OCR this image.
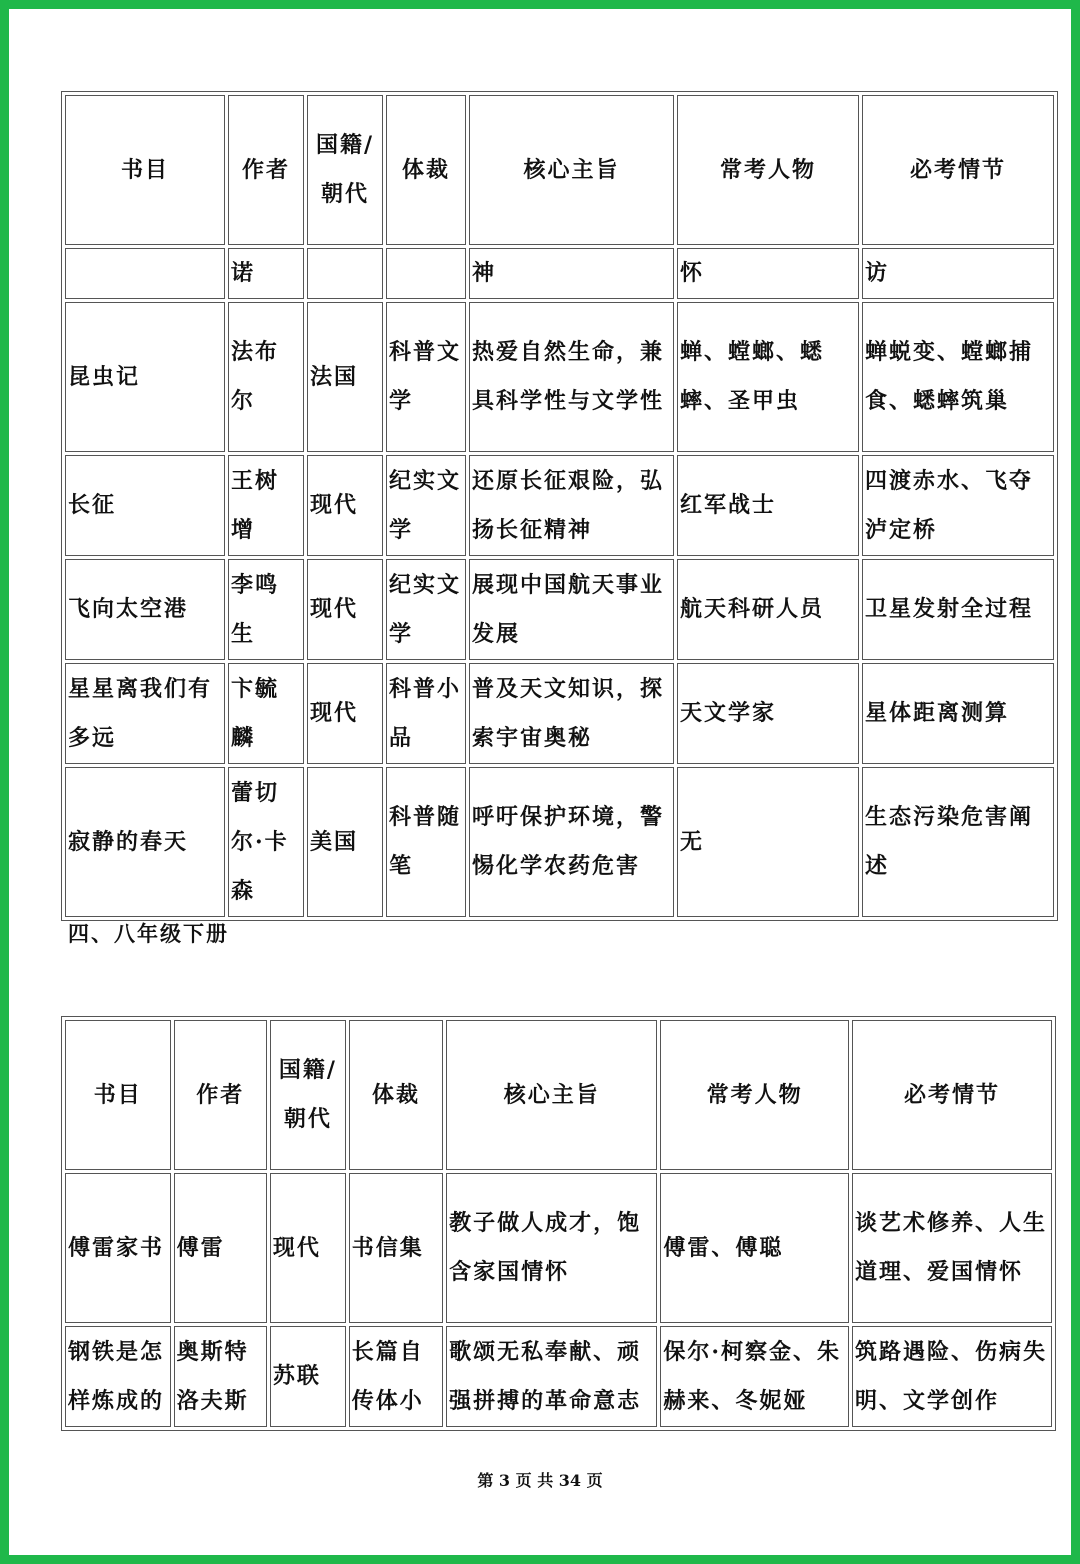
书目	作者	国籍/朝代	体裁	核心主旨	常考人物	必考情节
	诺			神	怀	访
昆虫记	法布尔	法国	科普文学	热爱自然生命，兼具科学性与文学性	蝉、螳螂、蟋蟀、圣甲虫	蝉蜕变、螳螂捕食、蟋蟀筑巢
长征	王树增	现代	纪实文学	还原长征艰险，弘扬长征精神	红军战士	四渡赤水、飞夺泸定桥
飞向太空港	李鸣生	现代	纪实文学	展现中国航天事业发展	航天科研人员	卫星发射全过程
星星离我们有多远	卞毓麟	现代	科普小品	普及天文知识，探索宇宙奥秘	天文学家	星体距离测算
寂静的春天	蕾切尔·卡森	美国	科普随笔	呼吁保护环境，警惕化学农药危害	无	生态污染危害阐述
四、八年级下册
书目	作者	国籍/朝代	体裁	核心主旨	常考人物	必考情节
傅雷家书	傅雷	现代	书信集	教子做人成才，饱含家国情怀	傅雷、傅聪	谈艺术修养、人生道理、爱国情怀
钢铁是怎样炼成的	奥斯特洛夫斯	苏联	长篇自传体小	歌颂无私奉献、顽强拼搏的革命意志	保尔·柯察金、朱赫来、冬妮娅	筑路遇险、伤病失明、文学创作
第 3 页 共 34 页
